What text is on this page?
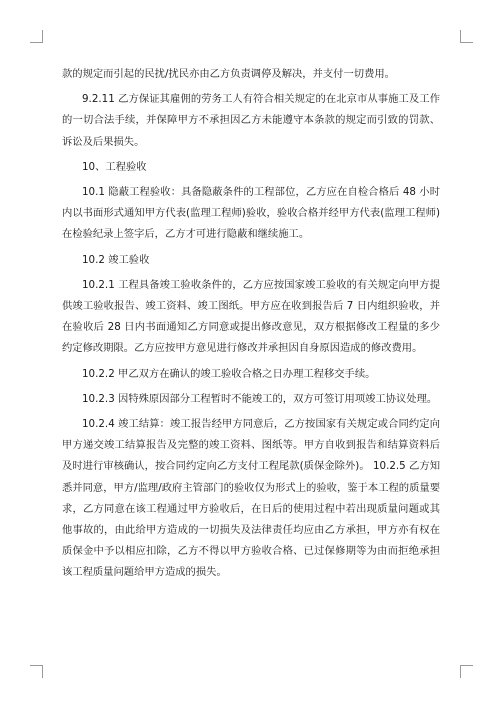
款的规定而引起的民扰/扰民亦由乙方负责调停及解决，并支付一切费用。

9.2.11 乙方保证其雇佣的劳务工人有符合相关规定的在北京市从事施工及工作的一切合法手续，并保障甲方不承担因乙方未能遵守本条款的规定而引致的罚款、诉讼及后果损失。

10、工程验收

10.1 隐蔽工程验收：具备隐蔽条件的工程部位，乙方应在自检合格后 48 小时内以书面形式通知甲方代表(监理工程师)验收，验收合格并经甲方代表(监理工程师)在检验纪录上签字后，乙方才可进行隐蔽和继续施工。

10.2 竣工验收

10.2.1 工程具备竣工验收条件的，乙方应按国家竣工验收的有关规定向甲方提供竣工验收报告、竣工资料、竣工图纸。甲方应在收到报告后 7 日内组织验收，并在验收后 28 日内书面通知乙方同意或提出修改意见，双方根据修改工程量的多少约定修改期限。乙方应按甲方意见进行修改并承担因自身原因造成的修改费用。

10.2.2 甲乙双方在确认的竣工验收合格之日办理工程移交手续。

10.2.3 因特殊原因部分工程暂时不能竣工的，双方可签订用项竣工协议处理。

10.2.4 竣工结算：竣工报告经甲方同意后，乙方按国家有关规定或合同约定向甲方递交竣工结算报告及完整的竣工资料、图纸等。甲方自收到报告和结算资料后及时进行审核确认，按合同约定向乙方支付工程尾款(质保金除外)。 10.2.5 乙方知悉并同意，甲方/监理/政府主管部门的验收仅为形式上的验收，鉴于本工程的质量要求，乙方同意在该工程通过甲方验收后，在日后的使用过程中若出现质量问题或其他事故的，由此给甲方造成的一切损失及法律责任均应由乙方承担，甲方亦有权在质保金中予以相应扣除，乙方不得以甲方验收合格、已过保修期等为由而拒绝承担该工程质量问题给甲方造成的损失。
